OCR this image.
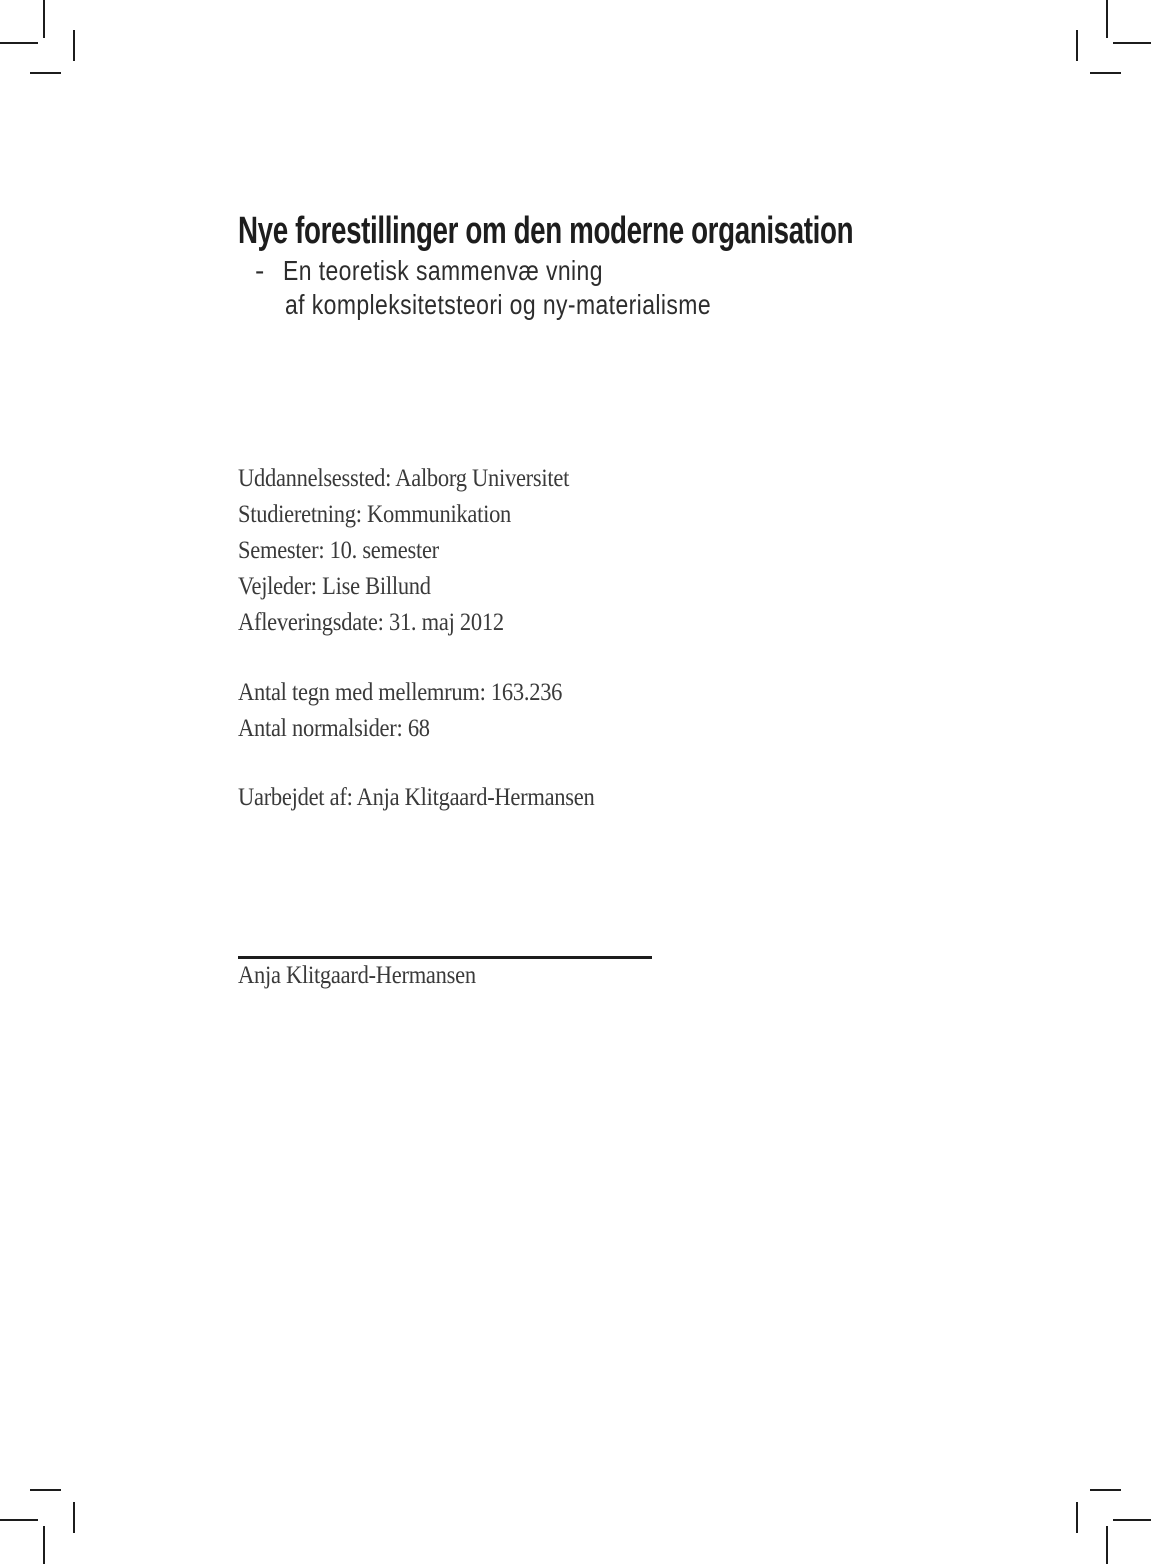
Nye forestillinger om den moderne organisation
- En teoretisk sammenvæ vning
af kompleksitetsteori og ny-materialisme
Uddannelsessted: Aalborg Universitet
Studieretning: Kommunikation
Semester: 10. semester
Vejleder: Lise Billund
Afleveringsdate: 31. maj 2012
Antal tegn med mellemrum: 163.236
Antal normalsider: 68
Uarbejdet af: Anja Klitgaard-Hermansen
Anja Klitgaard-Hermansen
